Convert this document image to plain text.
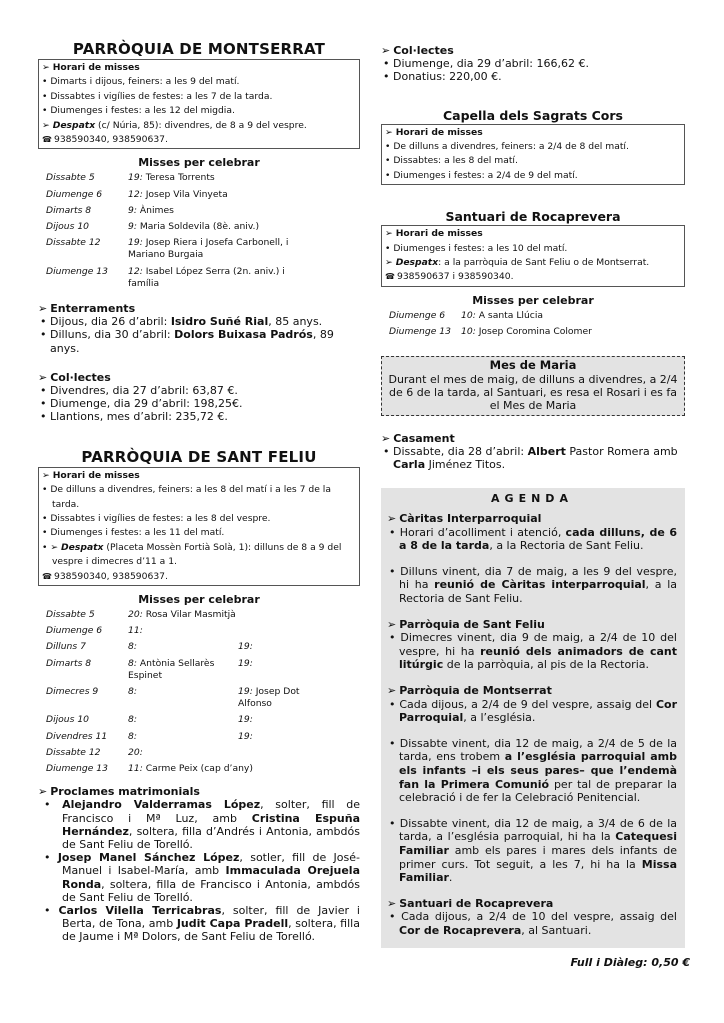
PARRÒQUIA DE MONTSERRAT
➢ Horari de misses
• Dimarts i dijous, feiners: a les 9 del matí.
• Dissabtes i vigílies de festes: a les 7 de la tarda.
• Diumenges i festes: a les 12 del migdia.
➢ Despatx (c/ Núria, 85): divendres, de 8 a 9 del vespre.
☎ 938590340, 938590637.
Misses per celebrar
Dissabte 5	19: Teresa Torrents
Diumenge 6	12: Josep Vila Vinyeta
Dimarts 8	9: Ànimes
Dijous 10	9: Maria Soldevila (8è. aniv.)
Dissabte 12	19: Josep Riera i Josefa Carbonell, i Mariano Burgaia
Diumenge 13	12: Isabel López Serra (2n. aniv.) i família
➢ Enterraments
• Dijous, dia 26 d’abril: Isidro Suñé Rial, 85 anys.
• Dilluns, dia 30 d’abril: Dolors Buixasa Padrós, 89 anys.
➢ Col·lectes
• Divendres, dia 27 d’abril: 63,87 €.
• Diumenge, dia 29 d’abril: 198,25€.
• Llantions, mes d’abril: 235,72 €.
PARRÒQUIA DE SANT FELIU
➢ Horari de misses
• De dilluns a divendres, feiners: a les 8 del matí i a les 7 de la tarda.
• Dissabtes i vigílies de festes: a les 8 del vespre.
• Diumenges i festes: a les 11 del matí.
• ➢ Despatx (Placeta Mossèn Fortià Solà, 1): dilluns de 8 a 9 del vespre i dimecres d’11 a 1.
☎ 938590340, 938590637.
Misses per celebrar
Dissabte 5	20: Rosa Vilar Masmitjà	
Diumenge 6	11:	
Dilluns 7	8:	19:
Dimarts 8	8: Antònia Sellarès Espinet	19:
Dimecres 9	8:	19: Josep Dot Alfonso
Dijous 10	8:	19:
Divendres 11	8:	19:
Dissabte 12	20:	
Diumenge 13	11: Carme Peix (cap d’any)	
➢ Proclames matrimonials
• Alejandro Valderramas López, solter, fill de Francisco i Mª Luz, amb Cristina Espuña Hernández, soltera, filla d’Andrés i Antonia, ambdós de Sant Feliu de Torelló.
• Josep Manel Sánchez López, sotler, fill de José-Manuel i Isabel-María, amb Immaculada Orejuela Ronda, soltera, filla de Francisco i Antonia, ambdós de Sant Feliu de Torelló.
• Carlos Vilella Terricabras, solter, fill de Javier i Berta, de Tona, amb Judit Capa Pradell, soltera, filla de Jaume i Mª Dolors, de Sant Feliu de Torelló.
➢ Col·lectes
• Diumenge, dia 29 d’abril: 166,62 €.
• Donatius: 220,00 €.
Capella dels Sagrats Cors
➢ Horari de misses
• De dilluns a divendres, feiners: a 2/4 de 8 del matí.
• Dissabtes: a les 8 del matí.
• Diumenges i festes: a 2/4 de 9 del matí.
Santuari de Rocaprevera
➢ Horari de misses
• Diumenges i festes: a les 10 del matí.
➢ Despatx: a la parròquia de Sant Feliu o de Montserrat.
☎ 938590637 i 938590340.
Misses per celebrar
Diumenge 6	10: A santa Llúcia
Diumenge 13	10: Josep Coromina Colomer
Mes de Maria
Durant el mes de maig, de dilluns a divendres, a 2/4 de 6 de la tarda, al Santuari, es resa el Rosari i es fa el Mes de Maria
➢ Casament
• Dissabte, dia 28 d’abril: Albert Pastor Romera amb Carla Jiménez Titos.
AGENDA
➢ Càritas Interparroquial
• Horari d’acolliment i atenció, cada dilluns, de 6 a 8 de la tarda, a la Rectoria de Sant Feliu.
• Dilluns vinent, dia 7 de maig, a les 9 del vespre, hi ha reunió de Càritas interparroquial, a la Rectoria de Sant Feliu.
➢ Parròquia de Sant Feliu
• Dimecres vinent, dia 9 de maig, a 2/4 de 10 del vespre, hi ha reunió dels animadors de cant litúrgic de la parròquia, al pis de la Rectoria.
➢ Parròquia de Montserrat
• Cada dijous, a 2/4 de 9 del vespre, assaig del Cor Parroquial, a l’església.
• Dissabte vinent, dia 12 de maig, a 2/4 de 5 de la tarda, ens trobem a l’església parroquial amb els infants –i els seus pares– que l’endemà fan la Primera Comunió per tal de preparar la celebració i de fer la Celebració Penitencial.
• Dissabte vinent, dia 12 de maig, a 3/4 de 6 de la tarda, a l’església parroquial, hi ha la Catequesi Familiar amb els pares i mares dels infants de primer curs. Tot seguit, a les 7, hi ha la Missa Familiar.
➢ Santuari de Rocaprevera
• Cada dijous, a 2/4 de 10 del vespre, assaig del Cor de Rocaprevera, al Santuari.
Full i Diàleg: 0,50 €
